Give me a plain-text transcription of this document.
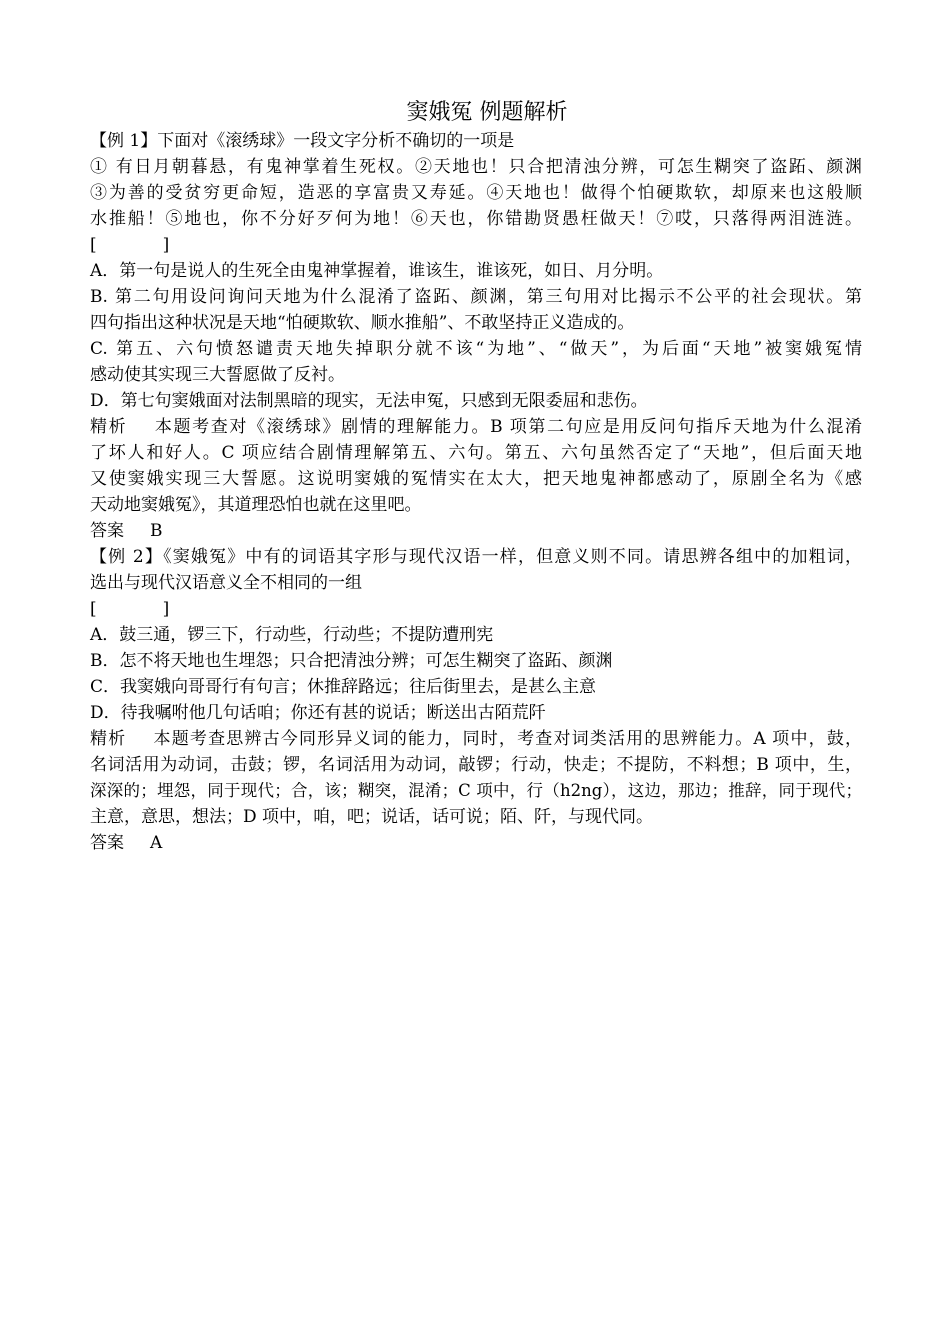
窦娥冤 例题解析
【例 1】下面对《滚绣球》一段文字分析不确切的一项是
① 有日月朝暮悬，有鬼神掌着生死权。②天地也！只合把清浊分辨，可怎生糊突了盗跖、颜渊
③为善的受贫穷更命短，造恶的享富贵又寿延。④天地也！做得个怕硬欺软，却原来也这般顺
水推船！⑤地也，你不分好歹何为地！⑥天也，你错勘贤愚枉做天！⑦哎，只落得两泪涟涟。
[	]
A．第一句是说人的生死全由鬼神掌握着，谁该生，谁该死，如日、月分明。
B. 第二句用设问询问天地为什么混淆了盗跖、颜渊，第三句用对比揭示不公平的社会现状。第
四句指出这种状况是天地“怕硬欺软、顺水推船”、不敢坚持正义造成的。
C. 第五、六句愤怒谴责天地失掉职分就不该“为地”、“做天”，为后面“天地”被窦娥冤情
感动使其实现三大誓愿做了反衬。
D．第七句窦娥面对法制黑暗的现实，无法申冤，只感到无限委屈和悲伤。
精析 本题考查对《滚绣球》剧情的理解能力。B 项第二句应是用反问句指斥天地为什么混淆
了坏人和好人。C 项应结合剧情理解第五、六句。第五、六句虽然否定了“天地”，但后面天地
又使窦娥实现三大誓愿。这说明窦娥的冤情实在太大，把天地鬼神都感动了，原剧全名为《感
天动地窦娥冤》，其道理恐怕也就在这里吧。
答案 B
【例 2】《窦娥冤》中有的词语其字形与现代汉语一样，但意义则不同。请思辨各组中的加粗词，
选出与现代汉语意义全不相同的一组
[	]
A．鼓三通，锣三下，行动些，行动些；不提防遭刑宪
B．怎不将天地也生埋怨；只合把清浊分辨；可怎生糊突了盗跖、颜渊
C．我窦娥向哥哥行有句言；休推辞路远；往后街里去，是甚么主意
D．待我嘱咐他几句话咱；你还有甚的说话；断送出古陌荒阡
精析 本题考查思辨古今同形异义词的能力，同时，考查对词类活用的思辨能力。A 项中，鼓，
名词活用为动词，击鼓；锣，名词活用为动词，敲锣；行动，快走；不提防，不料想；B 项中，生，
深深的；埋怨，同于现代；合，该；糊突，混淆；C 项中，行（h2ng），这边，那边；推辞，同于现代；
主意，意思，想法；D 项中，咱，吧；说话，话可说；陌、阡，与现代同。
答案 A
